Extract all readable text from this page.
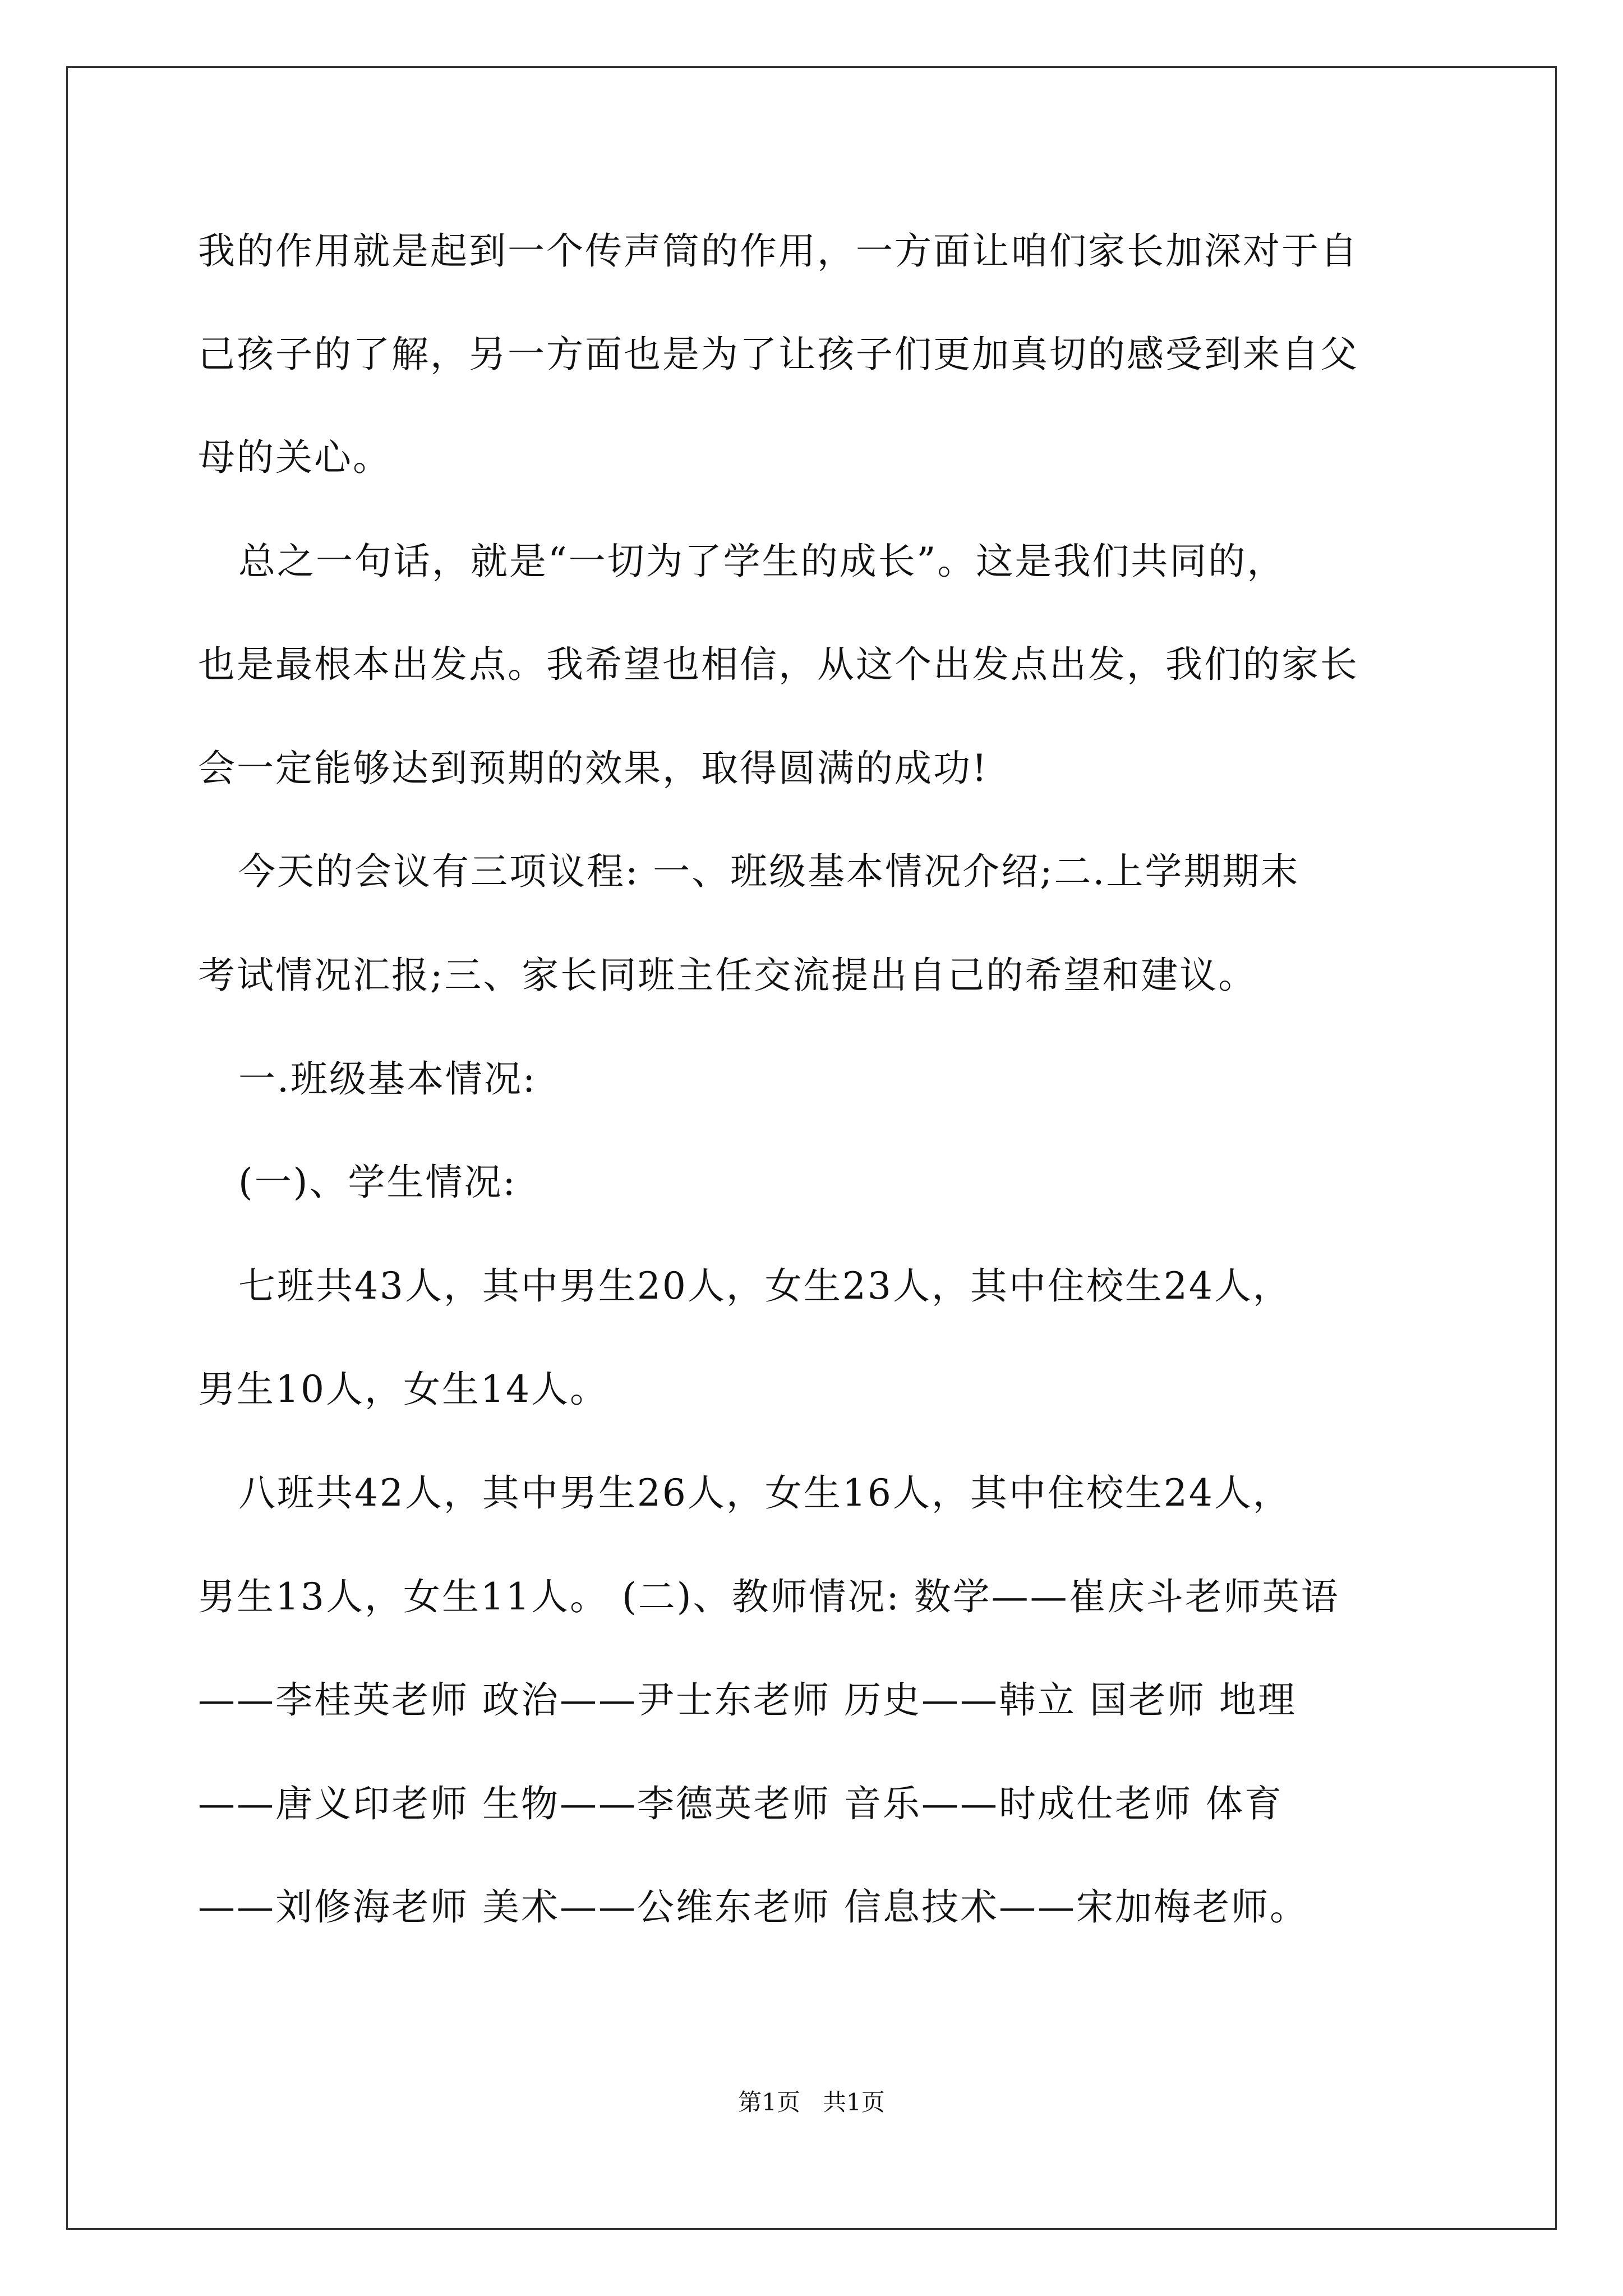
我的作用就是起到一个传声筒的作用，一方面让咱们家长加深对于自
己孩子的了解，另一方面也是为了让孩子们更加真切的感受到来自父
母的关心。
总之一句话，就是“一切为了学生的成长”。这是我们共同的，
也是最根本出发点。我希望也相信，从这个出发点出发，我们的家长
会一定能够达到预期的效果，取得圆满的成功!
今天的会议有三项议程: 一、班级基本情况介绍;二.上学期期末
考试情况汇报;三、家长同班主任交流提出自己的希望和建议。
一.班级基本情况:
(一)、学生情况:
七班共43人，其中男生20人，女生23人，其中住校生24人，
男生10人，女生14人。
八班共42人，其中男生26人，女生16人，其中住校生24人，
男生13人，女生11人。 (二)、教师情况: 数学——崔庆斗老师英语
——李桂英老师 政治——尹士东老师 历史——韩立 国老师 地理
——唐义印老师 生物——李德英老师 音乐——时成仕老师 体育
——刘修海老师 美术——公维东老师 信息技术——宋加梅老师。
第1页   共1页
